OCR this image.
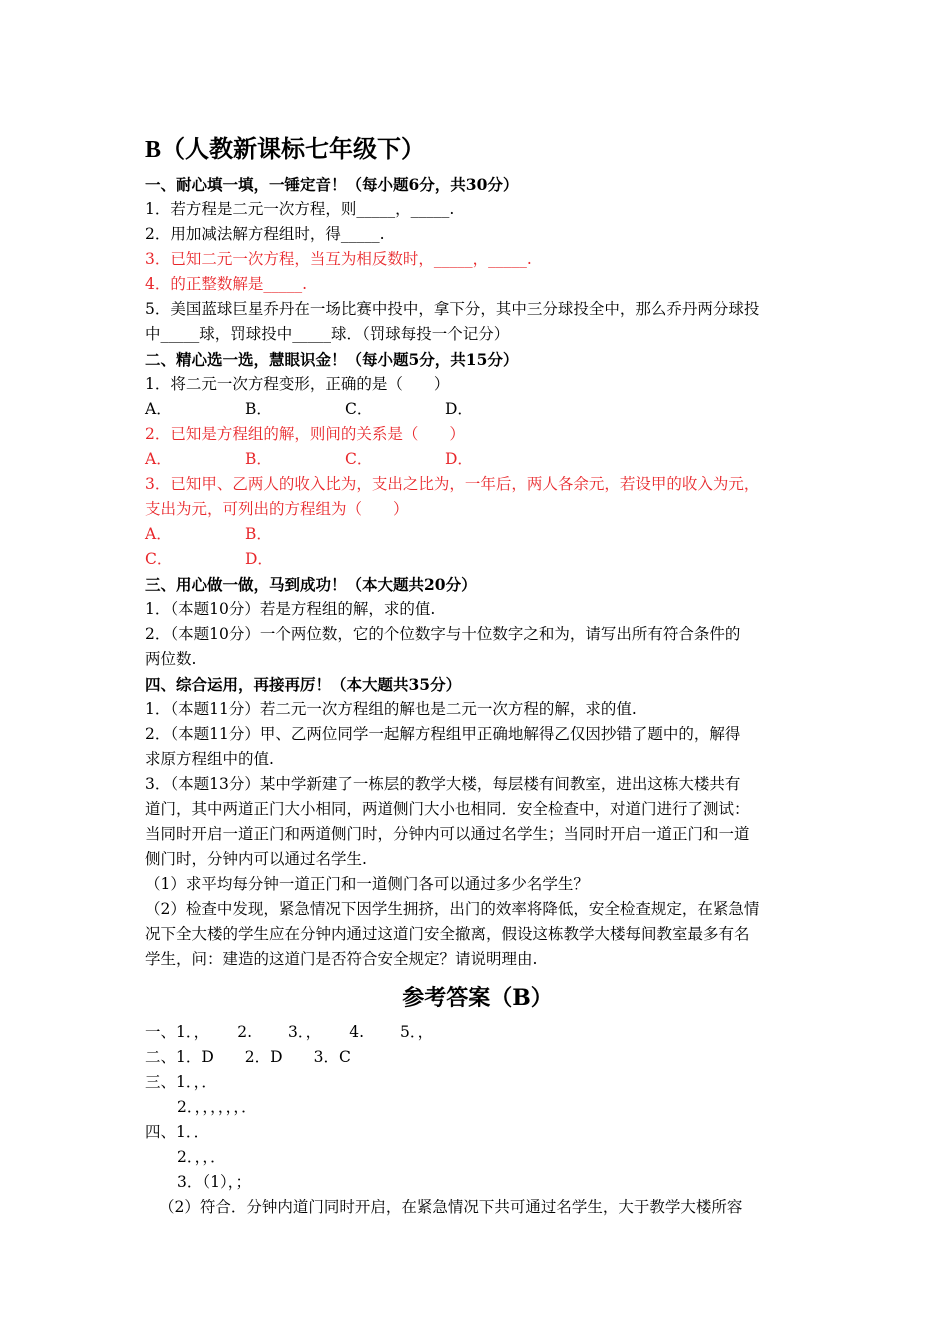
B（人教新课标七年级下）
一、耐心填一填，一锤定音！（每小题6分，共30分）
1．若方程是二元一次方程，则_____，_____.
2．用加减法解方程组时，得_____.
3．已知二元一次方程，当互为相反数时，_____，_____.
4．的正整数解是_____.
5．美国蓝球巨星乔丹在一场比赛中投中，拿下分，其中三分球投全中，那么乔丹两分球投
中_____球，罚球投中_____球．（罚球每投一个记分）
二、精心选一选，慧眼识金！（每小题5分，共15分）
1．将二元一次方程变形，正确的是（　　）
A．	B．	C．	D．
2．已知是方程组的解，则间的关系是（　　）
A．	B．	C．	D．
3．已知甲、乙两人的收入比为，支出之比为，一年后，两人各余元，若设甲的收入为元，
支出为元，可列出的方程组为（　　）
A．	B．
C．	D．
三、用心做一做，马到成功！（本大题共20分）
1．（本题10分）若是方程组的解，求的值.
2．（本题10分）一个两位数，它的个位数字与十位数字之和为，请写出所有符合条件的
两位数.
四、综合运用，再接再厉！（本大题共35分）
1．（本题11分）若二元一次方程组的解也是二元一次方程的解，求的值.
2．（本题11分）甲、乙两位同学一起解方程组甲正确地解得乙仅因抄错了题中的，解得
求原方程组中的值.
3．（本题13分）某中学新建了一栋层的教学大楼，每层楼有间教室，进出这栋大楼共有
道门，其中两道正门大小相同，两道侧门大小也相同．安全检查中，对道门进行了测试：
当同时开启一道正门和两道侧门时，分钟内可以通过名学生；当同时开启一道正门和一道
侧门时，分钟内可以通过名学生.
（1）求平均每分钟一道正门和一道侧门各可以通过多少名学生？
（2）检查中发现，紧急情况下因学生拥挤，出门的效率将降低，安全检查规定，在紧急情
况下全大楼的学生应在分钟内通过这道门安全撤离，假设这栋教学大楼每间教室最多有名
学生，问：建造的这道门是否符合安全规定？请说明理由.
参考答案（B）
一、1．，　　 2.　　 3．，　　 4.　　 5．，
二、1．D　　2．D　　3．C
三、1．，．
2．，，，，，，．
四、1．．
2．，，．
3．（1），；
（2）符合．分钟内道门同时开启，在紧急情况下共可通过名学生，大于教学大楼所容
